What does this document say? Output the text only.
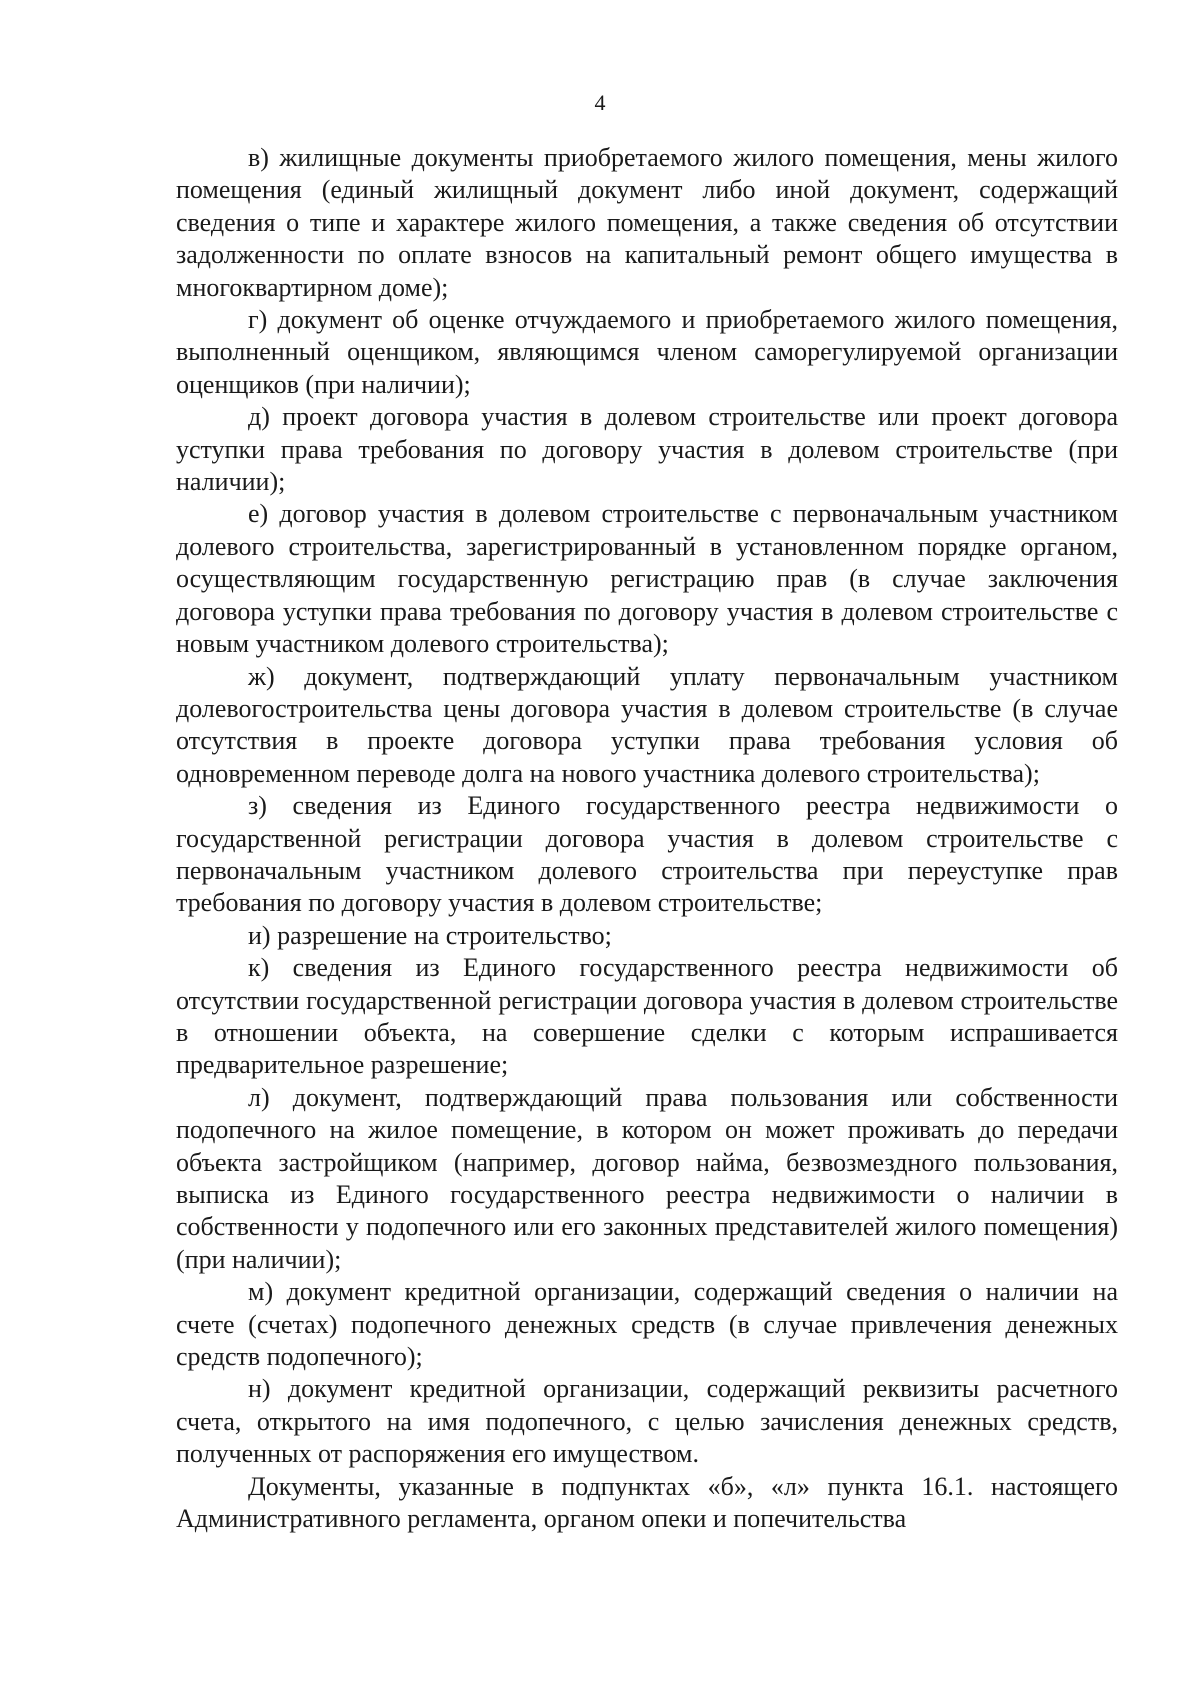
4

в) жилищные документы приобретаемого жилого помещения, мены жилого помещения (единый жилищный документ либо иной документ, содержащий сведения о типе и характере жилого помещения, а также сведения об отсутствии задолженности по оплате взносов на капитальный ремонт общего имущества в многоквартирном доме);

г) документ об оценке отчуждаемого и приобретаемого жилого помещения, выполненный оценщиком, являющимся членом саморегулируемой организации оценщиков (при наличии);

д) проект договора участия в долевом строительстве или проект договора уступки права требования по договору участия в долевом строительстве (при наличии);

е) договор участия в долевом строительстве с первоначальным участником долевого строительства, зарегистрированный в установленном порядке органом, осуществляющим государственную регистрацию прав (в случае заключения договора уступки права требования по договору участия в долевом строительстве с новым участником долевого строительства);

ж) документ, подтверждающий уплату первоначальным участником долевогостроительства цены договора участия в долевом строительстве (в случае отсутствия в проекте договора уступки права требования условия об одновременном переводе долга на нового участника долевого строительства);

з) сведения из Единого государственного реестра недвижимости о государственной регистрации договора участия в долевом строительстве с первоначальным участником долевого строительства при переуступке прав требования по договору участия в долевом строительстве;

и) разрешение на строительство;

к) сведения из Единого государственного реестра недвижимости об отсутствии государственной регистрации договора участия в долевом строительстве в отношении объекта, на совершение сделки с которым испрашивается предварительное разрешение;

л) документ, подтверждающий права пользования или собственности подопечного на жилое помещение, в котором он может проживать до передачи объекта застройщиком (например, договор найма, безвозмездного пользования, выписка из Единого государственного реестра недвижимости о наличии в собственности у подопечного или его законных представителей жилого помещения) (при наличии);

м) документ кредитной организации, содержащий сведения о наличии на счете (счетах) подопечного денежных средств (в случае привлечения денежных средств подопечного);

н) документ кредитной организации, содержащий реквизиты расчетного счета, открытого на имя подопечного, с целью зачисления денежных средств, полученных от распоряжения его имуществом.

Документы, указанные в подпунктах «б», «л» пункта 16.1. настоящего Административного регламента, органом опеки и попечительства
